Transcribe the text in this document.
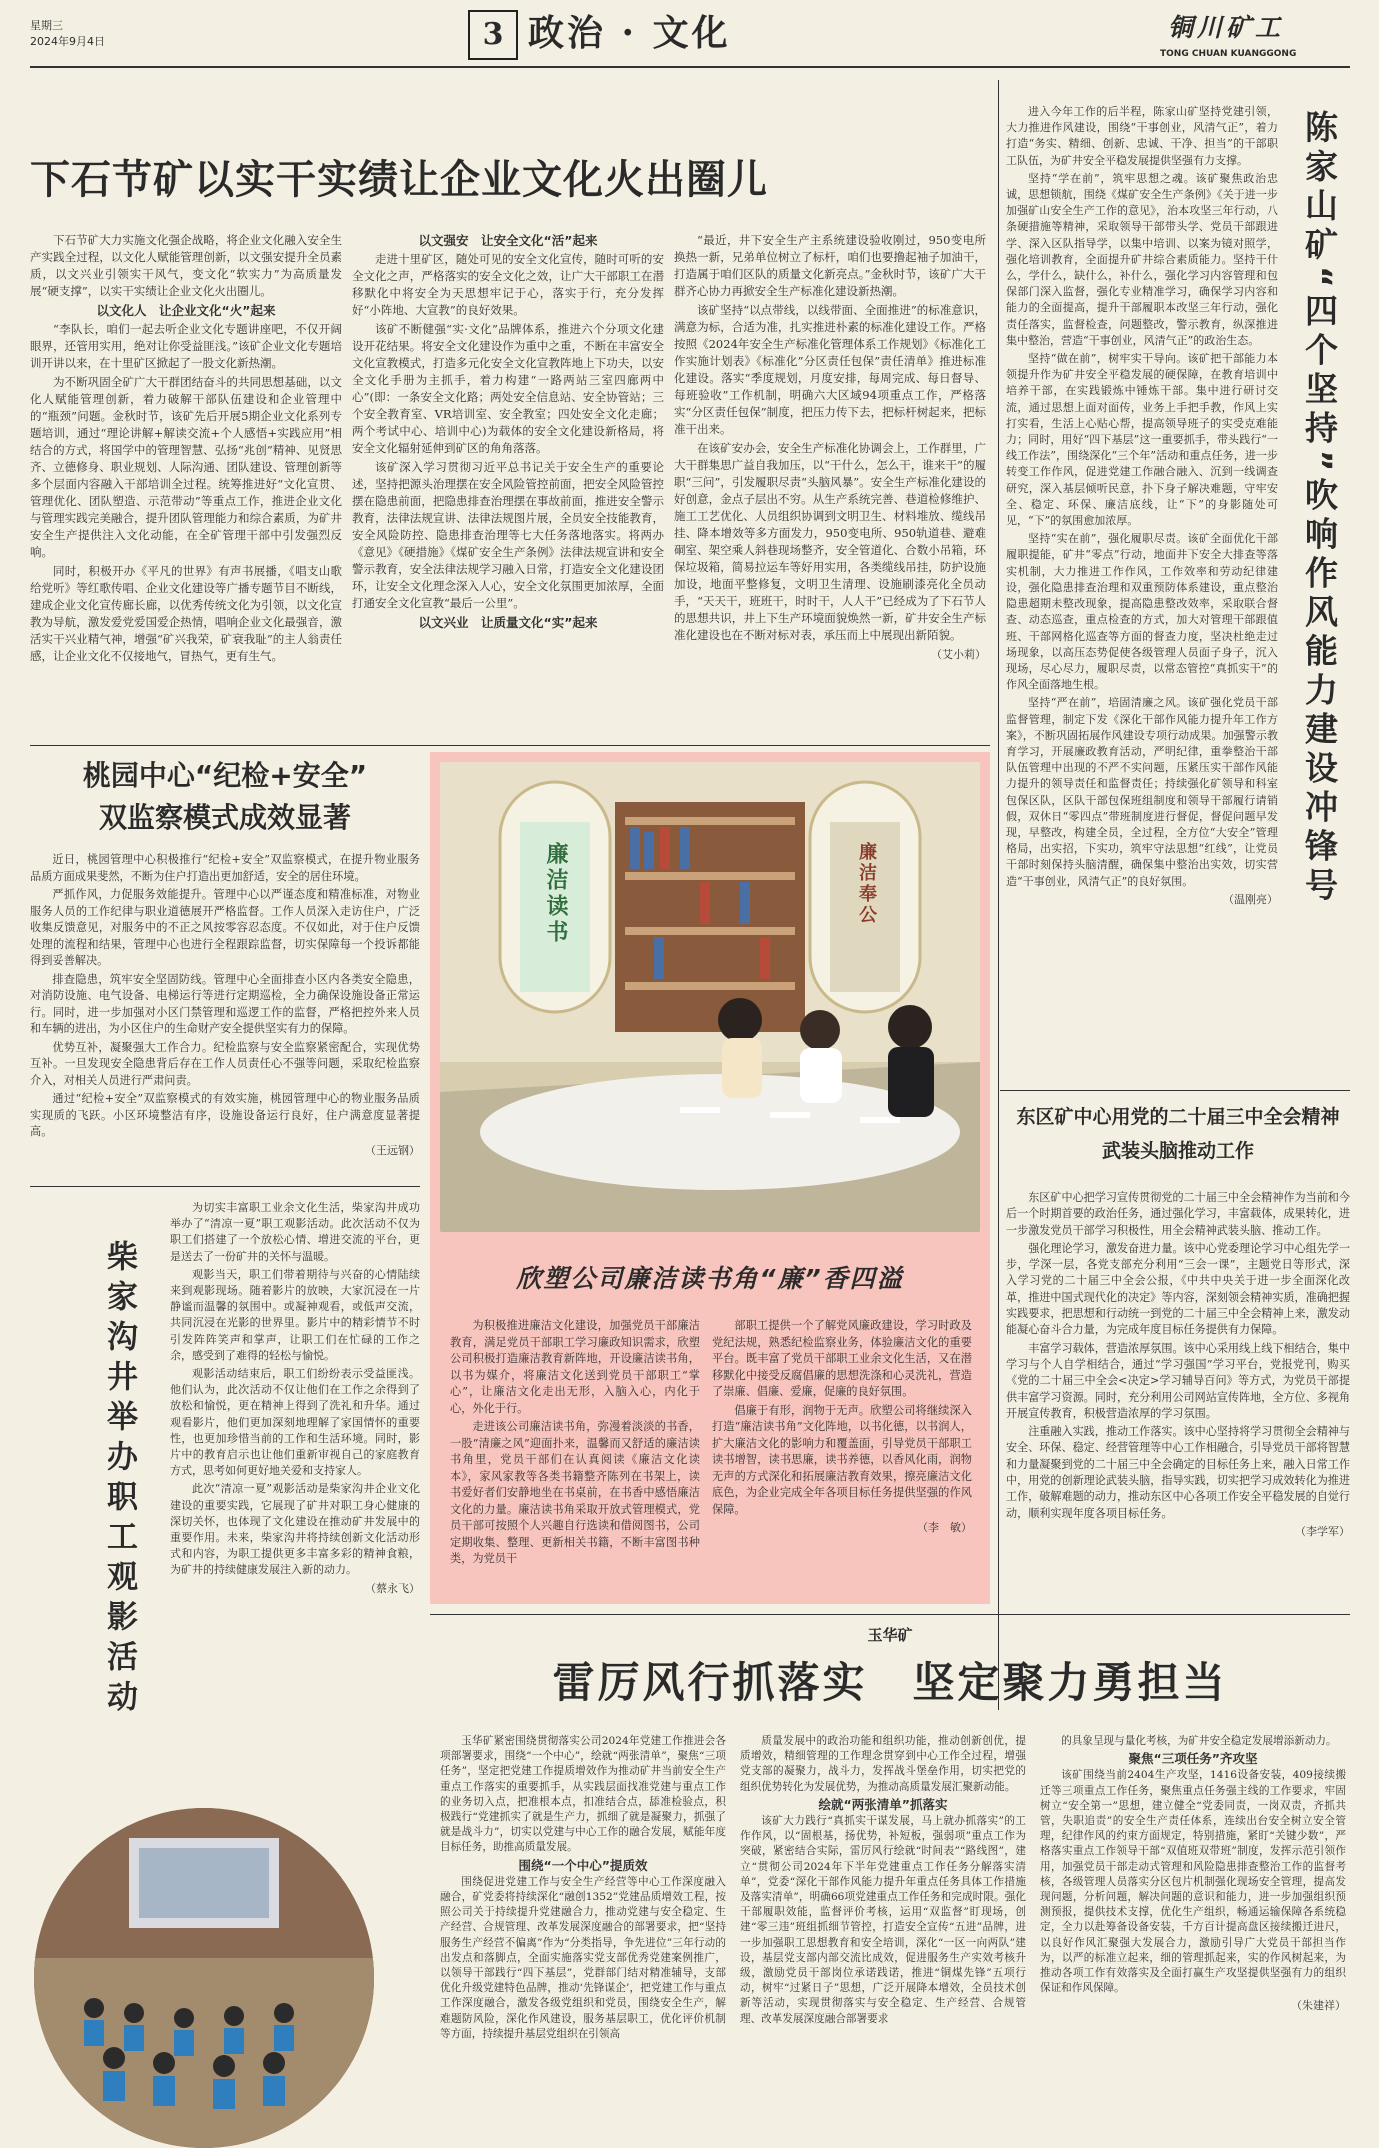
星期三
2024年9月4日	3 政治 · 文化	铜川矿工
TONG CHUAN KUANGGONG
下石节矿以实干实绩让企业文化火出圈儿

下石节矿大力实施文化强企战略，将企业文化融入安全生产实践全过程，以文化人赋能管理创新，以文强安提升全员素质，以文兴业引领实干风气，变文化“软实力”为高质量发展“硬支撑”，以实干实绩让企业文化火出圈儿。

以文化人　让企业文化“火”起来

“李队长，咱们一起去听企业文化专题讲座吧，不仅开阔眼界，还管用实用，绝对让你受益匪浅。”该矿企业文化专题培训开讲以来，在十里矿区掀起了一股文化新热潮。

为不断巩固全矿广大干群团结奋斗的共同思想基础，以文化人赋能管理创新，着力破解干部队伍建设和企业管理中的“瓶颈”问题。金秋时节，该矿先后开展5期企业文化系列专题培训，通过“理论讲解+解读交流+个人感悟+实践应用”相结合的方式，将国学中的管理智慧、弘扬“兆创”精神、见贤思齐、立德修身、职业规划、人际沟通、团队建设、管理创新等多个层面内容融入干部培训全过程。统筹推进好“文化宣贯、管理优化、团队塑造、示范带动”等重点工作，推进企业文化与管理实践完美融合，提升团队管理能力和综合素质，为矿井安全生产提供注入文化动能，在全矿管理干部中引发强烈反响。

同时，积极开办《平凡的世界》有声书展播，《唱支山歌给党听》等红歌传唱、企业文化建设等广播专题节目不断线，建成企业文化宣传廊长廊，以优秀传统文化为引领，以文化宣教为导航，激发爱党爱国爱企热情，唱响企业文化最强音，激活实干兴业精气神，增强“矿兴我荣，矿衰我耻”的主人翁责任感，让企业文化不仅接地气，冒热气，更有生气。

以文强安　让安全文化“活”起来

走进十里矿区，随处可见的安全文化宣传，随时可听的安全文化之声，严格落实的安全文化之效，让广大干部职工在潜移默化中将安全为天思想牢记于心，落实于行，充分发挥好“小阵地、大宣教”的良好效果。

该矿不断健强“实·文化”品牌体系，推进六个分项文化建设开花结果。将安全文化建设作为重中之重，不断在丰富安全文化宣教模式，打造多元化安全文化宣教阵地上下功夫，以安全文化手册为主抓手，着力构建“一路两站三室四廊两中心”(即：一条安全文化路；两处安全信息站、安全协管站；三个安全教育室、VR培训室、安全教室；四处安全文化走廊；两个考试中心、培训中心)为载体的安全文化建设新格局，将安全文化辐射延伸到矿区的角角落落。

该矿深入学习贯彻习近平总书记关于安全生产的重要论述，坚持把源头治理摆在安全风险管控前面，把安全风险管控摆在隐患前面，把隐患排查治理摆在事故前面，推进安全警示教育，法律法规宣讲、法律法规图片展，全员安全技能教育，安全风险防控、隐患排查治理等七大任务落地落实。将两办《意见》《硬措施》《煤矿安全生产条例》法律法规宣讲和安全警示教育，安全法律法规学习融入日常，打造安全文化建设团环，让安全文化理念深入人心，安全文化氛围更加浓厚，全面打通安全文化宣教“最后一公里”。

以文兴业　让质量文化“实”起来

“最近，井下安全生产主系统建设验收刚过，950变电所换热一新，兄弟单位树立了标杆，咱们也要撸起袖子加油干，打造属于咱们区队的质量文化新亮点。”金秋时节，该矿广大干群齐心协力再掀安全生产标准化建设新热潮。

该矿坚持“以点带线，以线带面、全面推进”的标准意识，满意为标，合适为准，扎实推进朴素的标准化建设工作。严格按照《2024年安全生产标准化管理体系工作规划》《标准化工作实施计划表》《标准化”分区责任包保”责任清单》推进标准化建设。落实“季度规划，月度安排，每周完成、每日督导、每班验收”工作机制，明确六大区域94项重点工作，严格落实“分区责任包保”制度，把压力传下去，把标杆树起来，把标准干出来。

在该矿安办会，安全生产标准化协调会上，工作群里，广大干群集思广益自我加压，以“干什么，怎么干，谁来干”的履职“三问”，引发履职尽责“头脑风暴”。安全生产标准化建设的好创意，金点子层出不穷。从生产系统完善、巷道检修维护、施工工艺优化、人员组织协调到文明卫生、材料堆放、缆线吊挂、降本增效等多方面发力，950变电所、950轨道巷、避难硐室、架空乘人斜巷现场整齐，安全管道化、合数小吊箱，环保垃圾箱，简易拉运车等好用实用，各类缆线吊挂，防护设施加设，地面平整修复，文明卫生清理、设施刷漆亮化全员动手，“天天干，班班干，时时干，人人干”已经成为了下石节人的思想共识，井上下生产环境面貌焕然一新，矿井安全生产标准化建设也在不断对标对表，承压而上中展现出新陌貌。

（艾小莉）
桃园中心“纪检+安全”
双监察模式成效显著

近日，桃园管理中心积极推行“纪检+安全”双监察模式，在提升物业服务品质方面成果斐然，不断为住户打造出更加舒适，安全的居住环境。

严抓作风，力促服务效能提升。管理中心以严谨态度和精准标准，对物业服务人员的工作纪律与职业道德展开严格监督。工作人员深入走访住户，广泛收集反馈意见，对服务中的不正之风按零容忍态度。不仅如此，对于住户反馈处理的流程和结果，管理中心也进行全程跟踪监督，切实保障每一个投诉都能得到妥善解决。

排查隐患，筑牢安全坚固防线。管理中心全面排查小区内各类安全隐患，对消防设施、电气设备、电梯运行等进行定期巡检，全力确保设施设备正常运行。同时，进一步加强对小区门禁管理和巡逻工作的监督，严格把控外来人员和车辆的进出，为小区住户的生命财产安全提供坚实有力的保障。

优势互补，凝聚强大工作合力。纪检监察与安全监察紧密配合，实现优势互补。一旦发现安全隐患背后存在工作人员责任心不强等问题，采取纪检监察介入，对相关人员进行严肃问责。

通过“纪检+安全”双监察模式的有效实施，桃园管理中心的物业服务品质实现质的飞跃。小区环境整洁有序，设施设备运行良好，住户满意度显著提高。

（王远钢）
廉洁读书	廉洁奉公
欣塑公司廉洁读书角“廉”香四溢

为积极推进廉洁文化建设，加强党员干部廉洁教育，满足党员干部职工学习廉政知识需求，欣塑公司积极打造廉洁教育新阵地，开设廉洁读书角，以书为媒介，将廉洁文化送到党员干部职工“掌心”，让廉洁文化走出无形，入脑入心，内化于心，外化于行。

走进该公司廉洁读书角，弥漫着淡淡的书香，一股“清廉之风”迎面扑来，温馨而又舒适的廉洁读书角里，党员干部们在认真阅读《廉洁文化读本》，家风家教等各类书籍整齐陈列在书架上，读书爱好者们安静地坐在书桌前，在书香中感悟廉洁文化的力量。廉洁读书角采取开放式管理模式，党员干部可按照个人兴趣自行选读和借阅图书，公司定期收集、整理、更新相关书籍，不断丰富图书种类，为党员干

部职工提供一个了解党风廉政建设，学习时政及党纪法规，熟悉纪检监察业务，体验廉洁文化的重要平台。既丰富了党员干部职工业余文化生活，又在潜移默化中接受反腐倡廉的思想洗涤和心灵洗礼，营造了崇廉、倡廉、爱廉，促廉的良好氛围。

倡廉于有形，润物于无声。欣塑公司将继续深入打造“廉洁读书角”文化阵地，以书化德，以书润人，扩大廉洁文化的影响力和覆盖面，引导党员干部职工读书增智，读书思廉，读书养德，以香风化雨，润物无声的方式深化和拓展廉洁教育效果，擦亮廉洁文化底色，为企业完成全年各项目标任务提供坚强的作风保障。

（李　敏）

进入今年工作的后半程，陈家山矿坚持党建引领，大力推进作风建设，围绕“干事创业，风清气正”，着力打造“务实、精细、创新、忠诚、干净、担当”的干部职工队伍，为矿井安全平稳发展提供坚强有力支撑。

坚持“学在前”，筑牢思想之魂。该矿聚焦政治忠诚，思想锁航，围绕《煤矿安全生产条例》《关于进一步加强矿山安全生产工作的意见》，治本攻坚三年行动，八条硬措施等精神，采取领导干部带头学、党员干部跟进学、深入区队指导学，以集中培训、以案为镜对照学，强化培训教育，全面提升矿井综合素质能力。坚持干什么，学什么，缺什么，补什么，强化学习内容管理和包保部门深入监督，强化专业精准学习，确保学习内容和能力的全面提高，提升干部履职本改坚三年行动，强化责任落实，监督检查，问题整改，警示教育，纵深推进集中整治，营造“干事创业，风清气正”的政治生态。

坚持“做在前”，树牢实干导向。该矿把干部能力本领提升作为矿井安全平稳发展的硬保障，在教育培训中培养干部，在实践锻炼中锤炼干部。集中进行研讨交流，通过思想上面对面传，业务上手把手教，作风上实打实看，生活上心贴心帮，提高领导班子的实受克难能力；同时，用好“四下基层”这一重要抓手，带头践行“一线工作法”，围绕深化“三个年”活动和重点任务，进一步转变工作作风，促进党建工作融合融入、沉到一线调查研究，深入基层倾听民意，扑下身子解决难题，守牢安全、稳定、环保、廉洁底线，让“下”的身影随处可见，“下”的氛围愈加浓厚。

坚持“实在前”，强化履职尽责。该矿全面优化干部履职提能，矿井“零点”行动，地面井下安全大排查等落实机制，大力推进工作作风，工作效率和劳动纪律建设，强化隐患排查治理和双重预防体系建设，重点整治隐患超期未整改现象，提高隐患整改效率，采取联合督查、动态巡查，重点检查的方式，加大对管理干部跟值班、干部网格化巡查等方面的督查力度，坚决杜绝走过场现象，以高压态势促使各级管理人员面子身子，沉入现场，尽心尽力，履职尽责，以常态管控“真抓实干”的作风全面落地生根。

坚持“严在前”，培固清廉之风。该矿强化党员干部监督管理，制定下发《深化干部作风能力提升年工作方案》，不断巩固拓展作风建设专项行动成果。加强警示教育学习，开展廉政教育活动，严明纪律，重拳整治干部队伍管理中出现的不严不实问题，压紧压实干部作风能力提升的领导责任和监督责任；持续强化矿领导和科室包保区队，区队干部包保班组制度和领导干部履行请销假，双休日“零四点”带班制度进行督促，督促问题早发现，早整改，构建全员，全过程，全方位“大安全”管理格局，出实招，下实功，筑牢守法思想“红线”，让党员干部时刻保持头脑清醒，确保集中整治出实效，切实营造“干事创业，风清气正”的良好氛围。

（温刚亮） 陈家山矿“四个坚持”吹响作风能力建设冲锋号
东区矿中心用党的二十届三中全会精神
武装头脑推动工作

东区矿中心把学习宣传贯彻党的二十届三中全会精神作为当前和今后一个时期首要的政治任务，通过强化学习，丰富载体，成果转化，进一步激发党员干部学习积极性，用全会精神武装头脑、推动工作。

强化理论学习，激发奋进力量。该中心党委理论学习中心组先学一步，学深一层，各党支部充分利用“三会一课”，主题党日等形式，深入学习党的二十届三中全会公报，《中共中央关于进一步全面深化改革，推进中国式现代化的决定》等内容，深刻领会精神实质，准确把握实践要求，把思想和行动统一到党的二十届三中全会精神上来，激发动能凝心奋斗合力量，为完成年度目标任务提供有力保障。

丰富学习载体，营造浓厚氛围。该中心采用线上线下相结合，集中学习与个人自学相结合，通过“学习强国”学习平台，党报党刊，购买《党的二十届三中全会<决定>学习辅导百问》等方式，为党员干部提供丰富学习资源。同时，充分利用公司网站宣传阵地，全方位、多视角开展宣传教育，积极营造浓厚的学习氛围。

注重融入实践，推动工作落实。该中心坚持将学习贯彻全会精神与安全、环保、稳定、经营管理等中心工作相融合，引导党员干部将智慧和力量凝聚到党的二十届三中全会确定的目标任务上来，融入日常工作中，用党的创新理论武装头脑，指导实践，切实把学习成效转化为推进工作，破解难题的动力，推动东区中心各项工作安全平稳发展的自觉行动，顺利实现年度各项目标任务。

（李学军）
柴家沟井举办职工观影活动

为切实丰富职工业余文化生活，柴家沟井成功举办了“清凉一夏”职工观影活动。此次活动不仅为职工们搭建了一个放松心情、增进交流的平台，更是送去了一份矿井的关怀与温暖。

观影当天，职工们带着期待与兴奋的心情陆续来到观影现场。随着影片的放映，大家沉浸在一片静谧而温馨的氛围中。或凝神观看，或低声交流，共同沉浸在光影的世界里。影片中的精彩情节不时引发阵阵笑声和掌声，让职工们在忙碌的工作之余，感受到了难得的轻松与愉悦。

观影活动结束后，职工们纷纷表示受益匪浅。他们认为，此次活动不仅让他们在工作之余得到了放松和愉悦，更在精神上得到了洗礼和升华。通过观看影片，他们更加深刻地理解了家国情怀的重要性，也更加珍惜当前的工作和生活环境。同时，影片中的教育启示也让他们重新审视自己的家庭教育方式，思考如何更好地关爱和支持家人。

此次“清凉一夏”观影活动是柴家沟井企业文化建设的重要实践，它展现了矿井对职工身心健康的深切关怀，也体现了文化建设在推动矿井发展中的重要作用。未来，柴家沟井将持续创新文化活动形式和内容，为职工提供更多丰富多彩的精神食粮，为矿井的持续健康发展注入新的动力。

（蔡永飞）
玉华矿
雷厉风行抓落实　坚定聚力勇担当

玉华矿紧密围绕贯彻落实公司2024年党建工作推进会各项部署要求，围绕“一个中心”，绘就“两张清单”，聚焦“三项任务”，坚定把党建工作提质增效作为推动矿井当前安全生产重点工作落实的重要抓手，从实践层面找准党建与重点工作的业务切入点，把准根本点，扣准结合点，舔准检验点，积极践行“党建抓实了就是生产力，抓细了就是凝聚力，抓强了就是战斗力”，切实以党建与中心工作的融合发展，赋能年度目标任务，助推高质量发展。

围绕“一个中心”提质效

围绕促进党建工作与安全生产经营等中心工作深度融入融合，矿党委将持续深化“融创1352”党建品质增效工程，按照公司关于持续提升党建融合力，推动党建与安全稳定、生产经营、合规管理、改革发展深度融合的部署要求，把“坚持服务生产经营不偏离”作为“分类指导，争先进位”三年行动的出发点和落脚点，全面实施落实党支部优秀党建案例推广，以领导干部践行“四下基层”，党群部门结对精准辅导，支部优化升级党建特色品牌，推动‘先锋谋企’，把党建工作与重点工作深度融合，激发各级党组织和党员，围绕安全生产，解难题防风险，深化作风建设，服务基层职工，优化评价机制等方面，持续提升基层党组织在引领高

质量发展中的政治功能和组织功能，推动创新创优，提质增效，精细管理的工作理念贯穿到中心工作全过程，增强党支部的凝聚力，战斗力，发挥战斗堡垒作用，切实把党的组织优势转化为发展优势，为推动高质量发展汇聚新动能。

绘就“两张清单”抓落实

该矿大力践行“真抓实干谋发展，马上就办抓落实”的工作作风，以“固根基，扬优势，补短板，强弱项”重点工作为突破，紧密结合实际，雷厉风行绘就“时间表”“路线图”，建立“贯彻公司2024年下半年党建重点工作任务分解落实清单”，党委“深化干部作风能力提升年重点任务具体工作措施及落实清单”，明确66项党建重点工作任务和完成时限。强化干部履职效能，监督评价考核，运用“双监督”盯现场，创建“零三违”班组抓细节管控，打造安全宣传“五进”品牌，进一步加强职工思想教育和安全培训，深化“一区一向两队”建设，基层党支部内部交流比成效，促进服务生产实效考核升级，激励党员干部岗位承诺践诺，推进“铜煤先锋”五项行动，树牢“过紧日子”思想，广泛开展降本增效，全员技术创新等活动，实现贯彻落实与安全稳定、生产经营、合规管理、改革发展深度融合部署要求

的具象呈现与量化考核，为矿井安全稳定发展增添新动力。

聚焦“三项任务”齐攻坚

该矿围绕当前2404生产攻坚，1416设备安装，409接续搬迁等三项重点工作任务，聚焦重点任务强主线的工作要求，牢固树立“安全第一”思想，建立健全“党委同责，一岗双责，齐抓共管，失职追责”的安全生产责任体系，连续出台安全树立安全管理，纪律作风的约束方面规定，特别措施，紧盯“关键少数”，严格落实重点工作领导干部“双值班双带班”制度，发挥示范引领作用，加强党员干部走动式管理和风险隐患排查整治工作的监督考核，各级管理人员落实分区包片机制强化现场安全管理，提高发现问题，分析问题，解决问题的意识和能力，进一步加强组织预测预报，提供技术支撑，优化生产组织，畅通运输保障各系统稳定，全力以赴筹备设备安装，千方百计提高盘区接续搬迁进尺，以良好作风汇聚强大发展合力，激励引导广大党员干部担当作为，以严的标准立起来，细的管理抓起来，实的作风树起来，为推动各项工作有效落实及全面打赢生产攻坚提供坚强有力的组织保证和作风保障。

（朱建祥）
